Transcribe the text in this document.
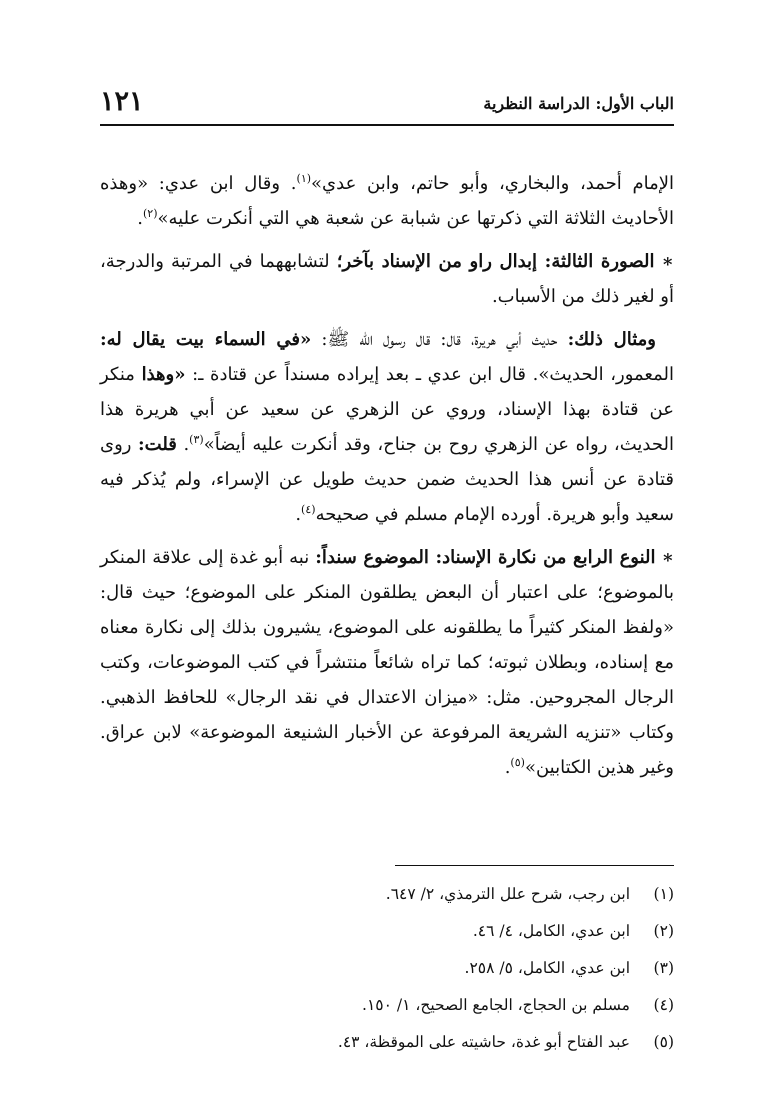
الباب الأول: الدراسة النظرية
١٢١

الإمام أحمد، والبخاري، وأبو حاتم، وابن عدي»$^{(١)}$. وقال ابن عدي: «وهذه الأحاديث الثلاثة التي ذكرتها عن شبابة عن شعبة هي التي أنكرت عليه»$^{(٢)}$.

∗ الصورة الثالثة: إبدال راو من الإسناد بآخر؛ لتشابههما في المرتبة والدرجة، أو لغير ذلك من الأسباب.

ومثال ذلك: حديث أبي هريرة، قال: قال رسول الله ﷺ: «في السماء بيت يقال له: المعمور، الحديث». قال ابن عدي ـ بعد إيراده مسنداً عن قتادة ـ: «وهذا منكر عن قتادة بهذا الإسناد، وروي عن الزهري عن سعيد عن أبي هريرة هذا الحديث، رواه عن الزهري روح بن جناح، وقد أنكرت عليه أيضاً»$^{(٣)}$. قلت: روى قتادة عن أنس هذا الحديث ضمن حديث طويل عن الإسراء، ولم يُذكر فيه سعيد وأبو هريرة. أورده الإمام مسلم في صحيحه$^{(٤)}$.

∗ النوع الرابع من نكارة الإسناد: الموضوع سنداً: نبه أبو غدة إلى علاقة المنكر بالموضوع؛ على اعتبار أن البعض يطلقون المنكر على الموضوع؛ حيث قال: «ولفظ المنكر كثيراً ما يطلقونه على الموضوع، يشيرون بذلك إلى نكارة معناه مع إسناده، وبطلان ثبوته؛ كما تراه شائعاً منتشراً في كتب الموضوعات، وكتب الرجال المجروحين. مثل: «ميزان الاعتدال في نقد الرجال» للحافظ الذهبي. وكتاب «تنزيه الشريعة المرفوعة عن الأخبار الشنيعة الموضوعة» لابن عراق. وغير هذين الكتابين»$^{(٥)}$.

(١)
ابن رجب، شرح علل الترمذي، ٢/ ٦٤٧.
(٢)
ابن عدي، الكامل، ٤/ ٤٦.
(٣)
ابن عدي، الكامل، ٥/ ٢٥٨.
(٤)
مسلم بن الحجاج، الجامع الصحيح، ١/ ١٥٠.
(٥)
عبد الفتاح أبو غدة، حاشيته على الموقظة، ٤٣.
